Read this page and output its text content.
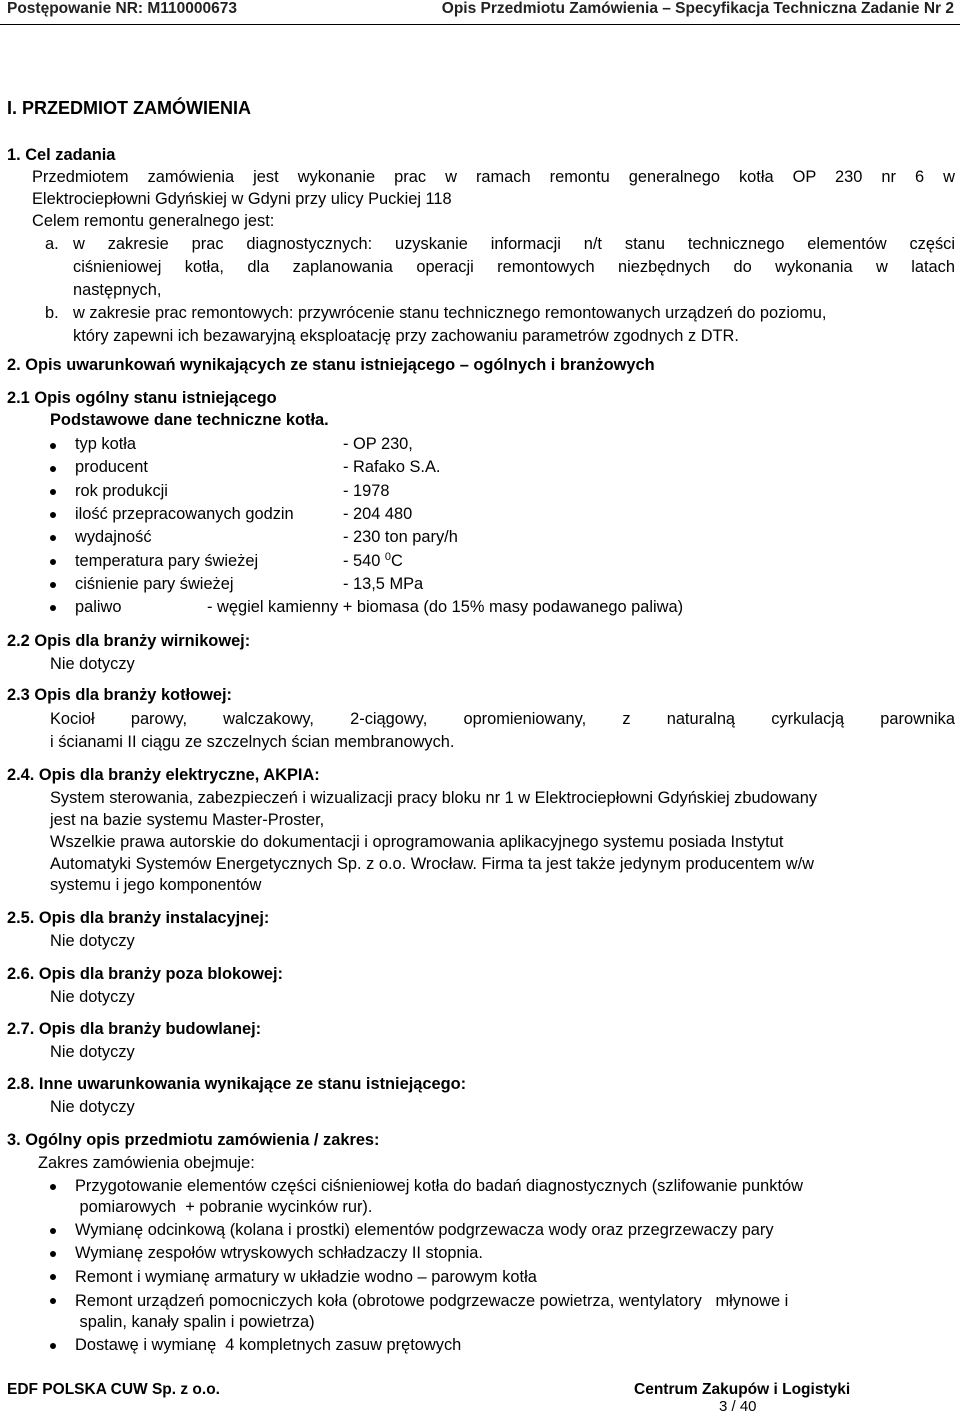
Postępowanie NR: M110000673	Opis Przedmiotu Zamówienia – Specyfikacja Techniczna Zadanie Nr 2
I. PRZEDMIOT ZAMÓWIENIA
1. Cel zadania
Przedmiotem zamówienia jest wykonanie prac w ramach remontu generalnego kotła OP 230 nr 6 w
Elektrociepłowni Gdyńskiej w Gdyni przy ulicy Puckiej 118
Celem remontu generalnego jest:
a. w zakresie prac diagnostycznych: uzyskanie informacji n/t stanu technicznego elementów części
ciśnieniowej kotła, dla zaplanowania operacji remontowych niezbędnych do wykonania w latach
następnych,
b. w zakresie prac remontowych: przywrócenie stanu technicznego remontowanych urządzeń do poziomu,
który zapewni ich bezawaryjną eksploatację przy zachowaniu parametrów zgodnych z DTR.
2. Opis uwarunkowań wynikających ze stanu istniejącego – ogólnych i branżowych
2.1 Opis ogólny stanu istniejącego
Podstawowe dane techniczne kotła.
typ kotła	- OP 230,
producent	- Rafako S.A.
rok produkcji	- 1978
ilość przepracowanych godzin	- 204 480
wydajność	- 230 ton pary/h
temperatura pary świeżej	- 540 $^0$C
ciśnienie pary świeżej	- 13,5 MPa
paliwo	- węgiel kamienny + biomasa (do 15% masy podawanego paliwa)
2.2 Opis dla branży wirnikowej:
Nie dotyczy
2.3 Opis dla branży kotłowej:
Kocioł parowy, walczakowy, 2-ciągowy, opromieniowany, z naturalną cyrkulacją parownika
i ścianami II ciągu ze szczelnych ścian membranowych.
2.4. Opis dla branży elektryczne, AKPIA:
System sterowania, zabezpieczeń i wizualizacji pracy bloku nr 1 w Elektrociepłowni Gdyńskiej zbudowany
jest na bazie systemu Master-Proster,
Wszelkie prawa autorskie do dokumentacji i oprogramowania aplikacyjnego systemu posiada Instytut
Automatyki Systemów Energetycznych Sp. z o.o. Wrocław. Firma ta jest także jedynym producentem w/w
systemu i jego komponentów
2.5. Opis dla branży instalacyjnej:
Nie dotyczy
2.6. Opis dla branży poza blokowej:
Nie dotyczy
2.7. Opis dla branży budowlanej:
Nie dotyczy
2.8. Inne uwarunkowania wynikające ze stanu istniejącego:
Nie dotyczy
3. Ogólny opis przedmiotu zamówienia / zakres:
Zakres zamówienia obejmuje:
Przygotowanie elementów części ciśnieniowej kotła do badań diagnostycznych (szlifowanie punktów
pomiarowych  + pobranie wycinków rur).
Wymianę odcinkową (kolana i prostki) elementów podgrzewacza wody oraz przegrzewaczy pary
Wymianę zespołów wtryskowych schładzaczy II stopnia.
Remont i wymianę armatury w układzie wodno – parowym kotła
Remont urządzeń pomocniczych koła (obrotowe podgrzewacze powietrza, wentylatory   młynowe i
spalin, kanały spalin i powietrza)
Dostawę i wymianę  4 kompletnych zasuw prętowych
EDF POLSKA CUW Sp. z o.o.	Centrum Zakupów i Logistyki
3 / 40
